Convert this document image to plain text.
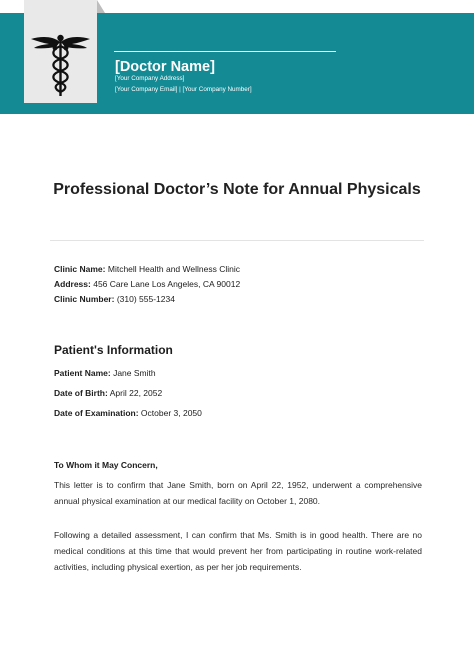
[Doctor Name]
[Your Company Address]
[Your Company Email] | [Your Company Number]
Professional Doctor’s Note for Annual Physicals
Clinic Name: Mitchell Health and Wellness Clinic
Address: 456 Care Lane Los Angeles, CA 90012
Clinic Number: (310) 555-1234
Patient's Information
Patient Name: Jane Smith
Date of Birth: April 22, 2052
Date of Examination: October 3, 2050
To Whom it May Concern,
This letter is to confirm that Jane Smith, born on April 22, 1952, underwent a comprehensive annual physical examination at our medical facility on October 1, 2080.
Following a detailed assessment, I can confirm that Ms. Smith is in good health. There are no medical conditions at this time that would prevent her from participating in routine work-related activities, including physical exertion, as per her job requirements.
